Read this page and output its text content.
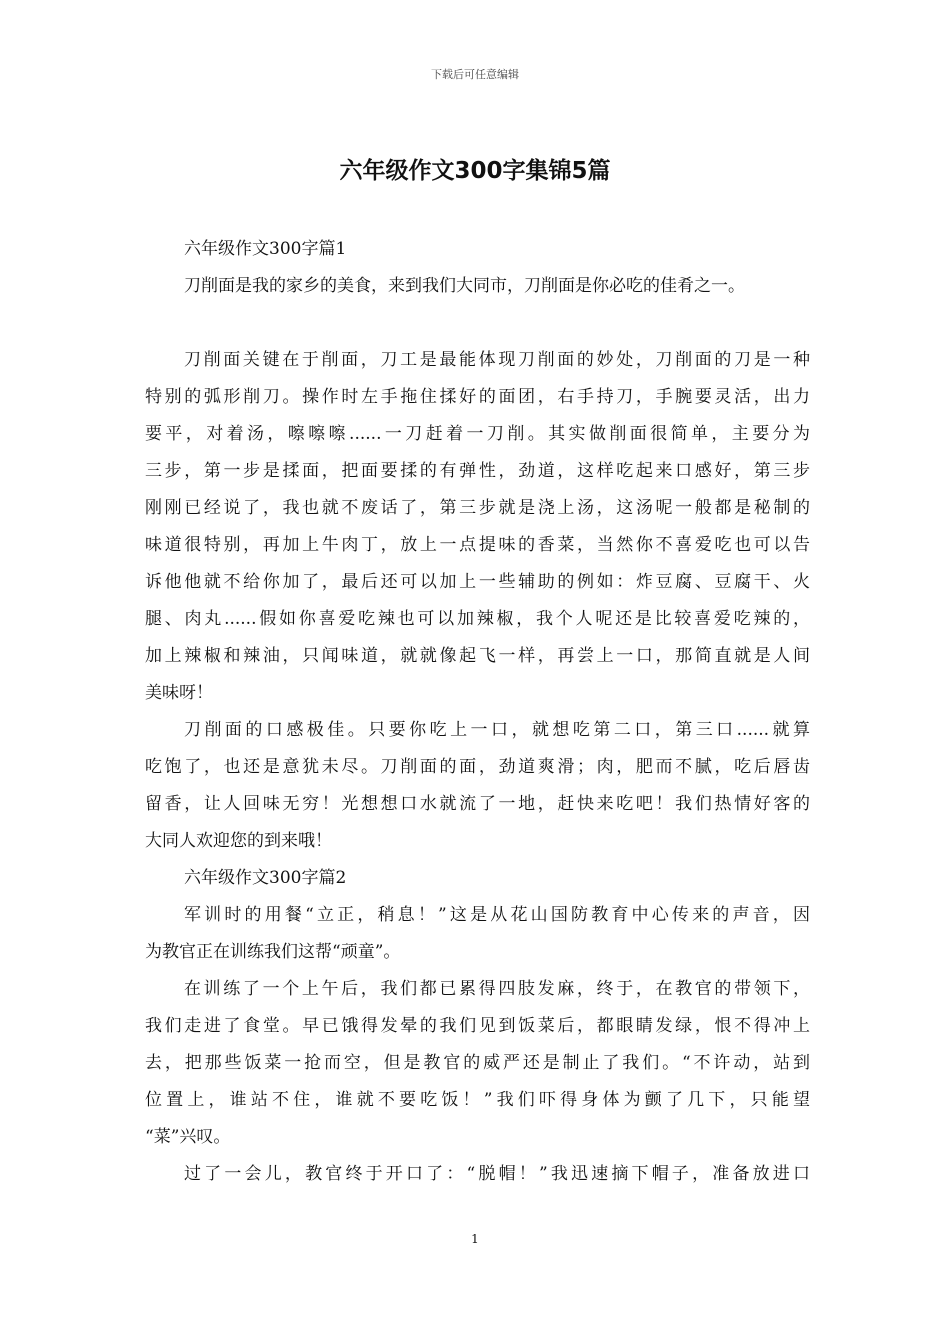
下载后可任意编辑
六年级作文300字集锦5篇
六年级作文300字篇1
刀削面是我的家乡的美食，来到我们大同市，刀削面是你必吃的佳肴之一。
刀削面关键在于削面，刀工是最能体现刀削面的妙处，刀削面的刀是一种
特别的弧形削刀。操作时左手拖住揉好的面团，右手持刀，手腕要灵活，出力
要平，对着汤，嚓嚓嚓......一刀赶着一刀削。其实做削面很简单，主要分为
三步，第一步是揉面，把面要揉的有弹性，劲道，这样吃起来口感好，第三步
刚刚已经说了，我也就不废话了，第三步就是浇上汤，这汤呢一般都是秘制的
味道很特别，再加上牛肉丁，放上一点提味的香菜，当然你不喜爱吃也可以告
诉他他就不给你加了，最后还可以加上一些辅助的例如：炸豆腐、豆腐干、火
腿、肉丸......假如你喜爱吃辣也可以加辣椒，我个人呢还是比较喜爱吃辣的，
加上辣椒和辣油，只闻味道，就就像起飞一样，再尝上一口，那简直就是人间
美味呀！
刀削面的口感极佳。只要你吃上一口，就想吃第二口，第三口......就算
吃饱了，也还是意犹未尽。刀削面的面，劲道爽滑；肉，肥而不腻，吃后唇齿
留香，让人回味无穷！光想想口水就流了一地，赶快来吃吧！我们热情好客的
大同人欢迎您的到来哦！
六年级作文300字篇2
军训时的用餐“立正，稍息！”这是从花山国防教育中心传来的声音，因
为教官正在训练我们这帮“顽童”。
在训练了一个上午后，我们都已累得四肢发麻，终于，在教官的带领下，
我们走进了食堂。早已饿得发晕的我们见到饭菜后，都眼睛发绿，恨不得冲上
去，把那些饭菜一抢而空，但是教官的威严还是制止了我们。“不许动，站到
位置上，谁站不住，谁就不要吃饭！”我们吓得身体为颤了几下，只能望
“菜”兴叹。
过了一会儿，教官终于开口了：“脱帽！”我迅速摘下帽子，准备放进口
1
